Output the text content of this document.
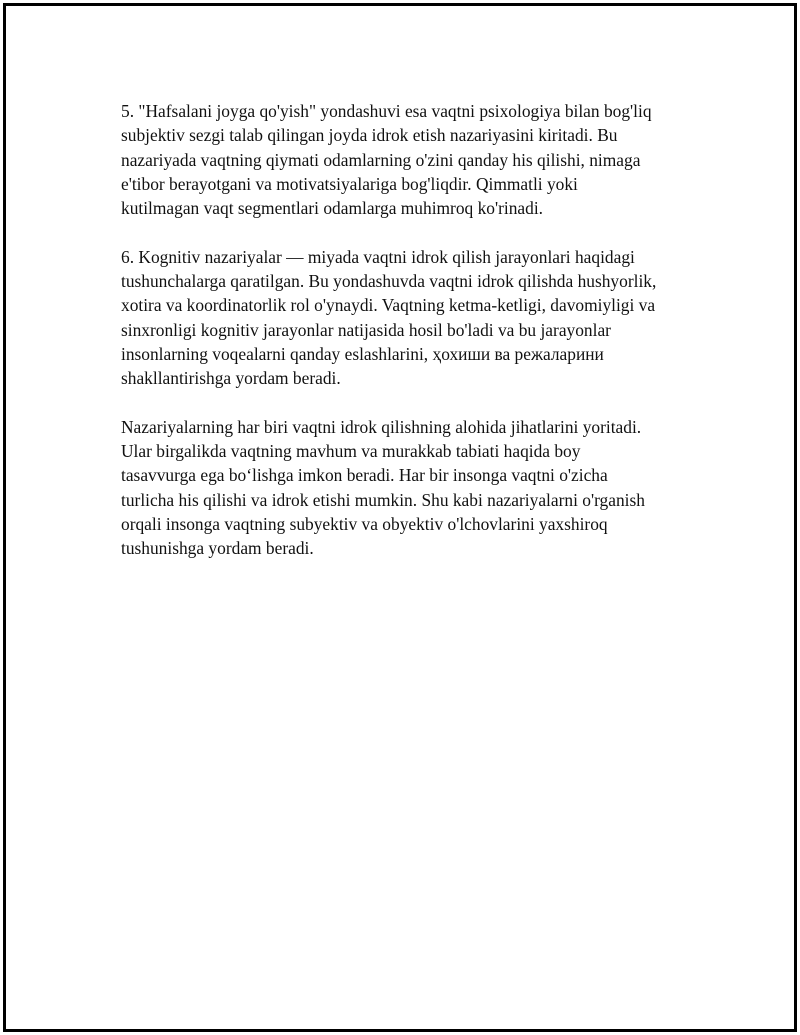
5. "Hafsalani joyga qo'yish" yondashuvi esa vaqtni psixologiya bilan bog'liq
subjektiv sezgi talab qilingan joyda idrok etish nazariyasini kiritadi. Bu
nazariyada vaqtning qiymati odamlarning o'zini qanday his qilishi, nimaga
e'tibor berayotgani va motivatsiyalariga bog'liqdir. Qimmatli yoki
kutilmagan vaqt segmentlari odamlarga muhimroq ko'rinadi.

6. Kognitiv nazariyalar — miyada vaqtni idrok qilish jarayonlari haqidagi
tushunchalarga qaratilgan. Bu yondashuvda vaqtni idrok qilishda hushyorlik,
xotira va koordinatorlik rol o'ynaydi. Vaqtning ketma-ketligi, davomiyligi va
sinxronligi kognitiv jarayonlar natijasida hosil bo'ladi va bu jarayonlar
insonlarning voqealarni qanday eslashlarini, ҳохиши ва режаларини
shakllantirishga yordam beradi.

Nazariyalarning har biri vaqtni idrok qilishning alohida jihatlarini yoritadi.
Ular birgalikda vaqtning mavhum va murakkab tabiati haqida boy
tasavvurga ega boʻlishga imkon beradi. Har bir insonga vaqtni o'zicha
turlicha his qilishi va idrok etishi mumkin. Shu kabi nazariyalarni o'rganish
orqali insonga vaqtning subyektiv va obyektiv o'lchovlarini yaxshiroq
tushunishga yordam beradi.
